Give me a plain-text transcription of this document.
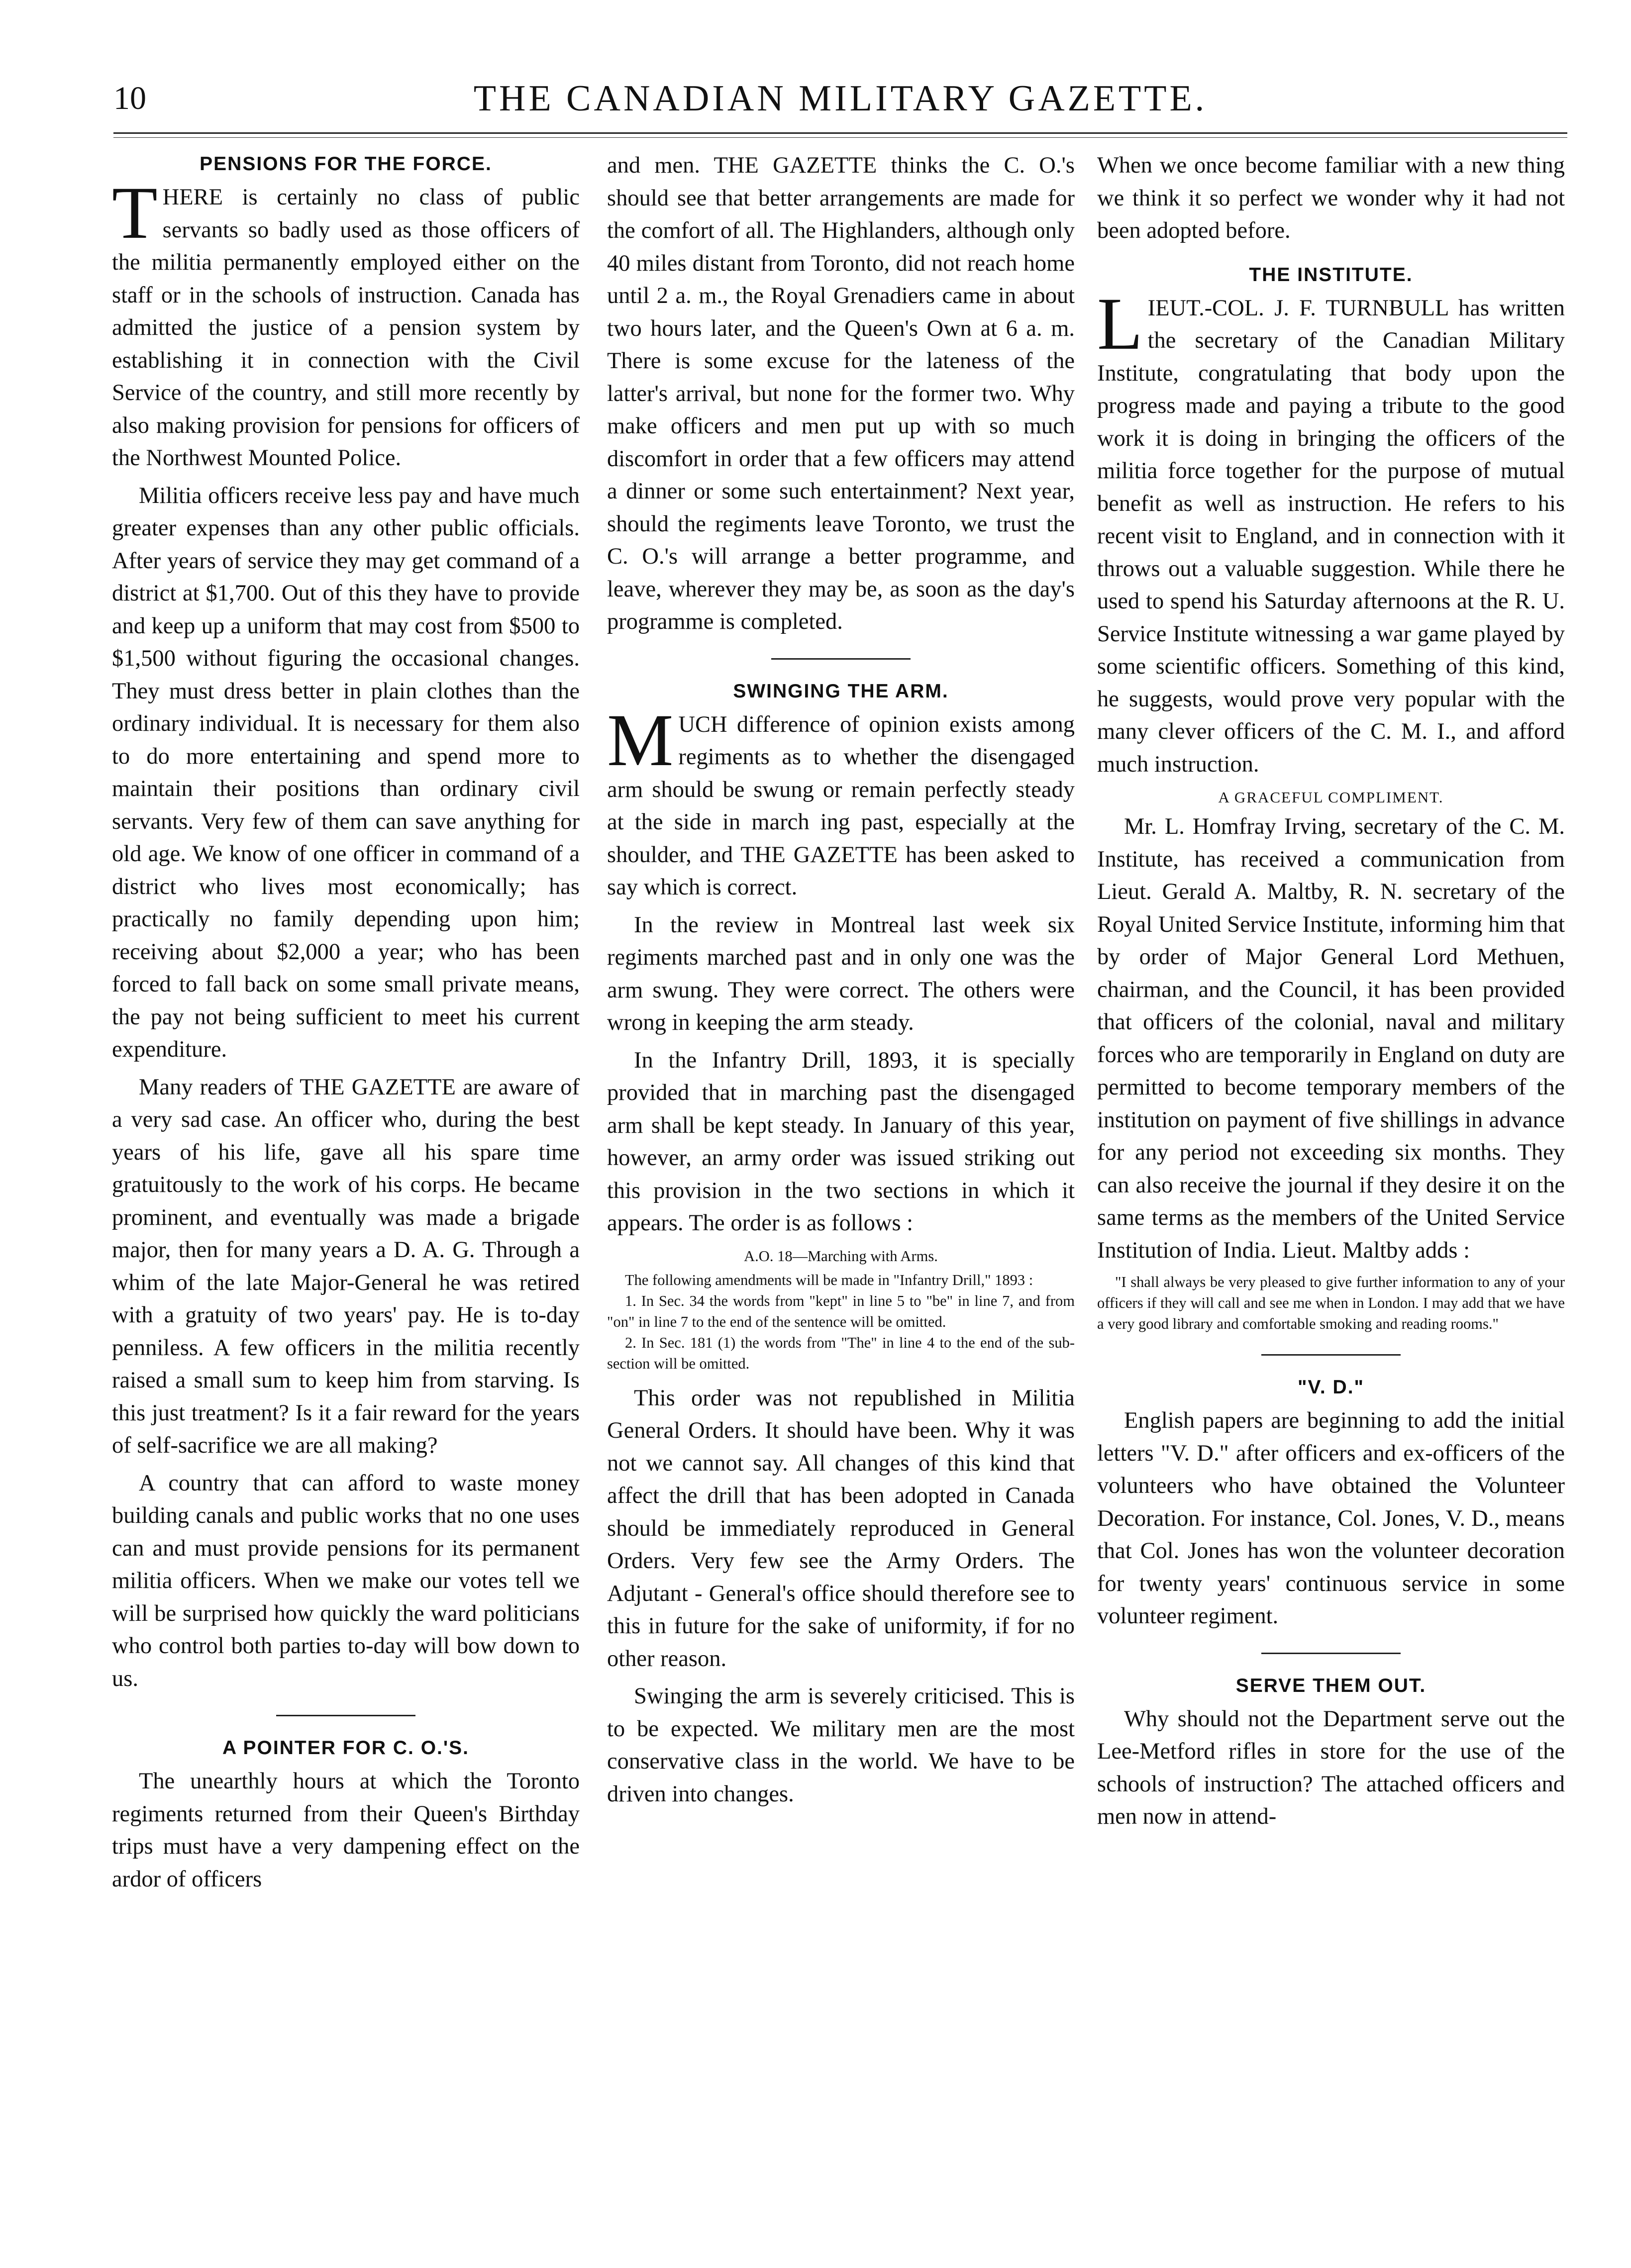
10	THE CANADIAN MILITARY GAZETTE.
PENSIONS FOR THE FORCE.

THERE is certainly no class of public servants so badly used as those officers of the militia permanently employed either on the staff or in the schools of instruction. Canada has admitted the justice of a pension system by establishing it in connection with the Civil Service of the country, and still more recently by also making provision for pensions for officers of the Northwest Mounted Police.

Militia officers receive less pay and have much greater expenses than any other public officials. After years of service they may get command of a district at $1,700. Out of this they have to provide and keep up a uniform that may cost from $500 to $1,500 without figuring the occasional changes. They must dress better in plain clothes than the ordinary individual. It is necessary for them also to do more entertaining and spend more to maintain their positions than ordinary civil servants. Very few of them can save anything for old age. We know of one officer in command of a district who lives most economically; has practically no family depending upon him; receiving about $2,000 a year; who has been forced to fall back on some small private means, the pay not being sufficient to meet his current expenditure.

Many readers of THE GAZETTE are aware of a very sad case. An officer who, during the best years of his life, gave all his spare time gratuitously to the work of his corps. He became prominent, and eventually was made a brigade major, then for many years a D. A. G. Through a whim of the late Major-General he was retired with a gratuity of two years' pay. He is to-day penniless. A few officers in the militia recently raised a small sum to keep him from starving. Is this just treatment? Is it a fair reward for the years of self-sacrifice we are all making?

A country that can afford to waste money building canals and public works that no one uses can and must provide pensions for its permanent militia officers. When we make our votes tell we will be surprised how quickly the ward politicians who control both parties to-day will bow down to us.

A POINTER FOR C. O.'S.

The unearthly hours at which the Toronto regiments returned from their Queen's Birthday trips must have a very dampening effect on the ardor of officers

and men. THE GAZETTE thinks the C. O.'s should see that better arrangements are made for the comfort of all. The Highlanders, although only 40 miles distant from Toronto, did not reach home until 2 a. m., the Royal Grenadiers came in about two hours later, and the Queen's Own at 6 a. m. There is some excuse for the lateness of the latter's arrival, but none for the former two. Why make officers and men put up with so much discomfort in order that a few officers may attend a dinner or some such entertainment? Next year, should the regiments leave Toronto, we trust the C. O.'s will arrange a better programme, and leave, wherever they may be, as soon as the day's programme is completed.

SWINGING THE ARM.

MUCH difference of opinion exists among regiments as to whether the disengaged arm should be swung or remain perfectly steady at the side in march ing past, especially at the shoulder, and THE GAZETTE has been asked to say which is correct.

In the review in Montreal last week six regiments marched past and in only one was the arm swung. They were correct. The others were wrong in keeping the arm steady.

In the Infantry Drill, 1893, it is specially provided that in marching past the disengaged arm shall be kept steady. In January of this year, however, an army order was issued striking out this provision in the two sections in which it appears. The order is as follows :

A.O. 18—Marching with Arms.
The following amendments will be made in "Infantry Drill," 1893 :
1. In Sec. 34 the words from "kept" in line 5 to "be" in line 7, and from "on" in line 7 to the end of the sentence will be omitted.
2. In Sec. 181 (1) the words from "The" in line 4 to the end of the sub-section will be omitted.

This order was not republished in Militia General Orders. It should have been. Why it was not we cannot say. All changes of this kind that affect the drill that has been adopted in Canada should be immediately reproduced in General Orders. Very few see the Army Orders. The Adjutant - General's office should therefore see to this in future for the sake of uniformity, if for no other reason.

Swinging the arm is severely criticised. This is to be expected. We military men are the most conservative class in the world. We have to be driven into changes.

When we once become familiar with a new thing we think it so perfect we wonder why it had not been adopted before.

THE INSTITUTE.

LIEUT.-COL. J. F. TURNBULL has written the secretary of the Canadian Military Institute, congratulating that body upon the progress made and paying a tribute to the good work it is doing in bringing the officers of the militia force together for the purpose of mutual benefit as well as instruction. He refers to his recent visit to England, and in connection with it throws out a valuable suggestion. While there he used to spend his Saturday afternoons at the R. U. Service Institute witnessing a war game played by some scientific officers. Something of this kind, he suggests, would prove very popular with the many clever officers of the C. M. I., and afford much instruction.

A GRACEFUL COMPLIMENT.

Mr. L. Homfray Irving, secretary of the C. M. Institute, has received a communication from Lieut. Gerald A. Maltby, R. N. secretary of the Royal United Service Institute, informing him that by order of Major General Lord Methuen, chairman, and the Council, it has been provided that officers of the colonial, naval and military forces who are temporarily in England on duty are permitted to become temporary members of the institution on payment of five shillings in advance for any period not exceeding six months. They can also receive the journal if they desire it on the same terms as the members of the United Service Institution of India. Lieut. Maltby adds :

"I shall always be very pleased to give further information to any of your officers if they will call and see me when in London. I may add that we have a very good library and comfortable smoking and reading rooms."
"V. D."

English papers are beginning to add the initial letters "V. D." after officers and ex-officers of the volunteers who have obtained the Volunteer Decoration. For instance, Col. Jones, V. D., means that Col. Jones has won the volunteer decoration for twenty years' continuous service in some volunteer regiment.

SERVE THEM OUT.

Why should not the Department serve out the Lee-Metford rifles in store for the use of the schools of instruction? The attached officers and men now in attend-
